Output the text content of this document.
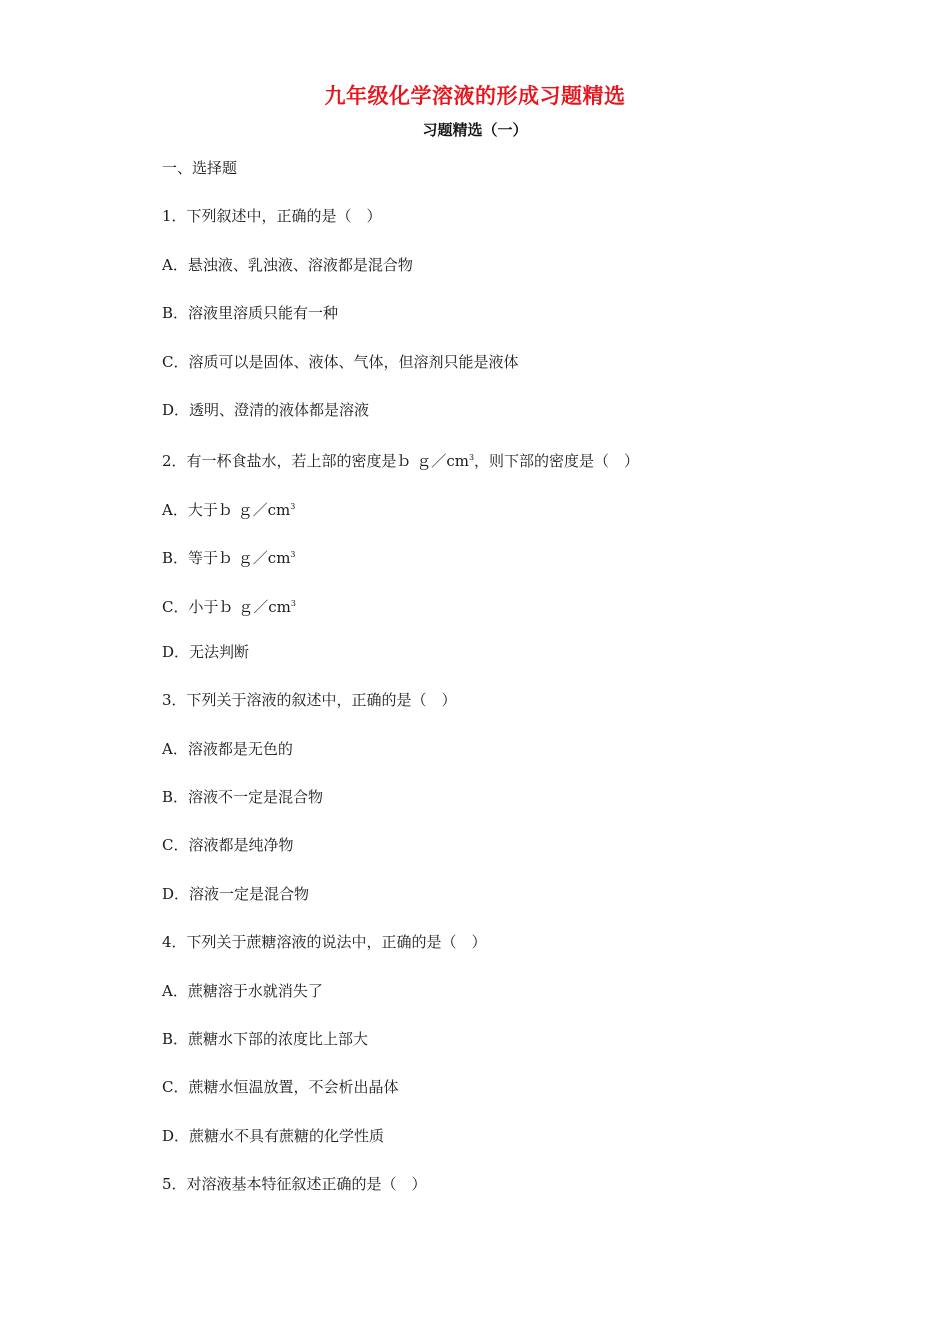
九年级化学溶液的形成习题精选
习题精选（一）
一、选择题
1．下列叙述中，正确的是（　）
A．悬浊液、乳浊液、溶液都是混合物
B．溶液里溶质只能有一种
C．溶质可以是固体、液体、气体，但溶剂只能是液体
D．透明、澄清的液体都是溶液
2．有一杯食盐水，若上部的密度是ｂ $g/cm^3$，则下部的密度是（　）
A．大于ｂ $g/cm^3$
B．等于ｂ $g/cm^3$
C．小于ｂ $g/cm^3$
D．无法判断
3．下列关于溶液的叙述中，正确的是（　）
A．溶液都是无色的
B．溶液不一定是混合物
C．溶液都是纯净物
D．溶液一定是混合物
4．下列关于蔗糖溶液的说法中，正确的是（　）
A．蔗糖溶于水就消失了
B．蔗糖水下部的浓度比上部大
C．蔗糖水恒温放置，不会析出晶体
D．蔗糖水不具有蔗糖的化学性质
5．对溶液基本特征叙述正确的是（　）
